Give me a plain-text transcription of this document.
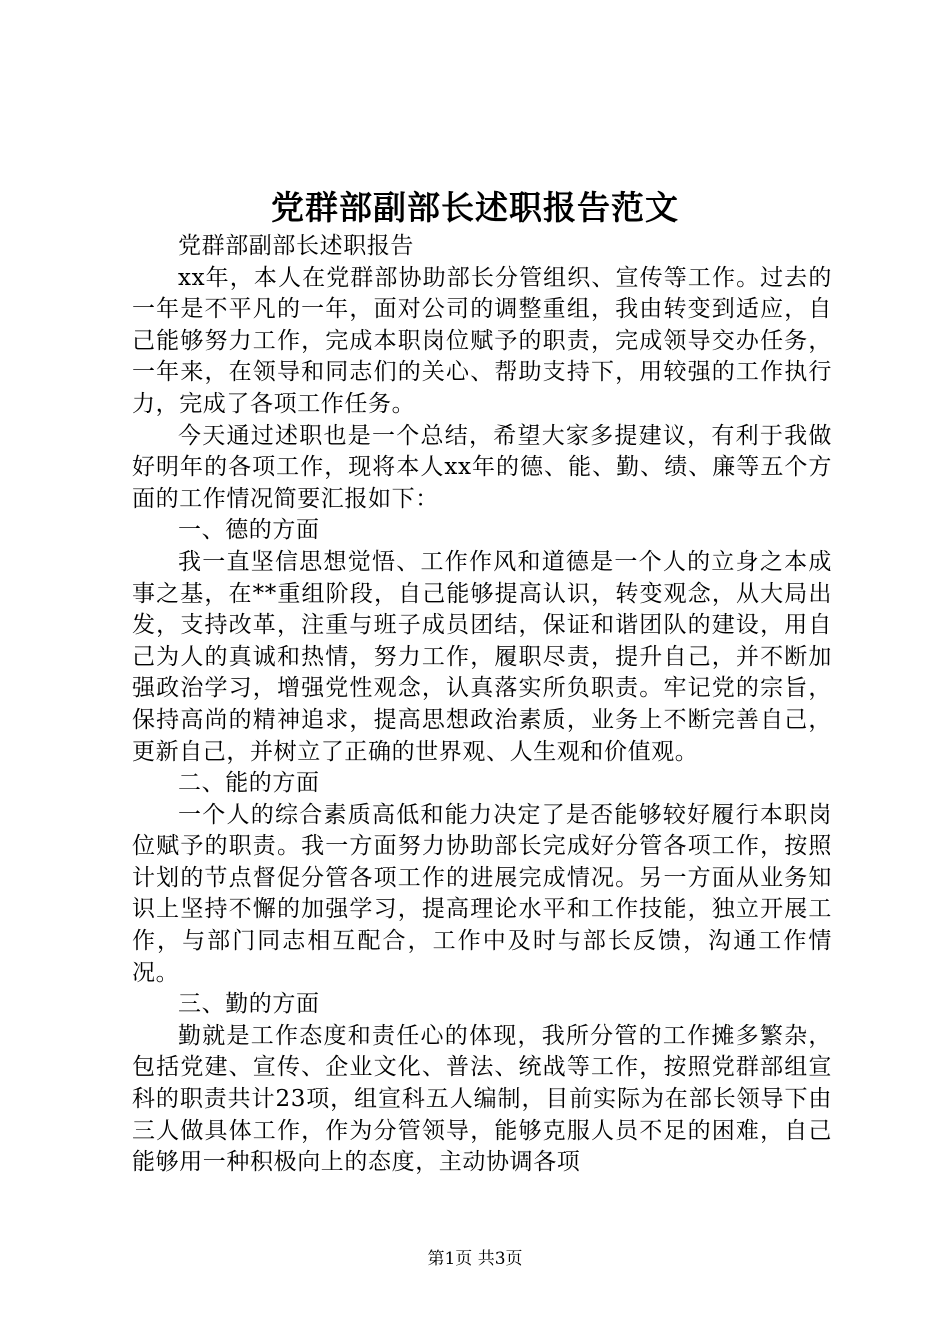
党群部副部长述职报告范文

党群部副部长述职报告

xx年，本人在党群部协助部长分管组织、宣传等工作。过去的一年是不平凡的一年，面对公司的调整重组，我由转变到适应，自己能够努力工作，完成本职岗位赋予的职责，完成领导交办任务，一年来，在领导和同志们的关心、帮助支持下，用较强的工作执行力，完成了各项工作任务。

今天通过述职也是一个总结，希望大家多提建议，有利于我做好明年的各项工作，现将本人xx年的德、能、勤、绩、廉等五个方面的工作情况简要汇报如下：

一、德的方面

我一直坚信思想觉悟、工作作风和道德是一个人的立身之本成事之基，在**重组阶段，自己能够提高认识，转变观念，从大局出发，支持改革，注重与班子成员团结，保证和谐团队的建设，用自己为人的真诚和热情，努力工作，履职尽责，提升自己，并不断加强政治学习，增强党性观念，认真落实所负职责。牢记党的宗旨，保持高尚的精神追求，提高思想政治素质，业务上不断完善自己，更新自己，并树立了正确的世界观、人生观和价值观。

二、能的方面

一个人的综合素质高低和能力决定了是否能够较好履行本职岗位赋予的职责。我一方面努力协助部长完成好分管各项工作，按照计划的节点督促分管各项工作的进展完成情况。另一方面从业务知识上坚持不懈的加强学习，提高理论水平和工作技能，独立开展工作，与部门同志相互配合，工作中及时与部长反馈，沟通工作情况。

三、勤的方面

勤就是工作态度和责任心的体现，我所分管的工作摊多繁杂，包括党建、宣传、企业文化、普法、统战等工作，按照党群部组宣科的职责共计23项，组宣科五人编制，目前实际为在部长领导下由三人做具体工作，作为分管领导，能够克服人员不足的困难，自己能够用一种积极向上的态度，主动协调各项

第1页 共3页
